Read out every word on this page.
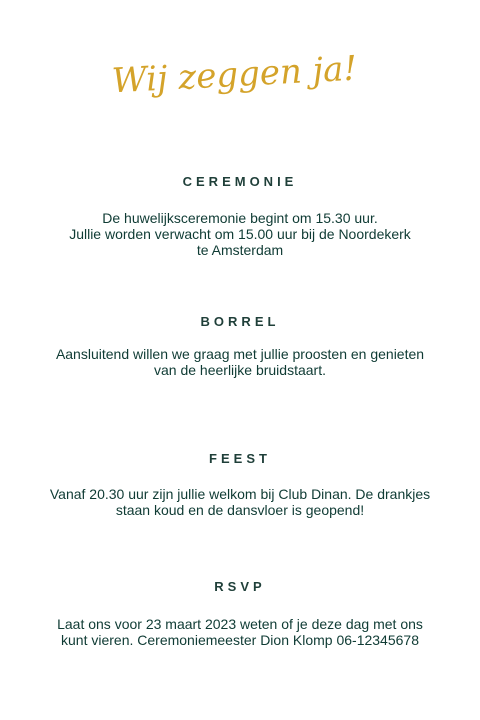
Wij zeggen ja!
CEREMONIE

De huwelijksceremonie begint om 15.30 uur.
Jullie worden verwacht om 15.00 uur bij de Noordekerk
te Amsterdam

BORREL

Aansluitend willen we graag met jullie proosten en genieten
van de heerlijke bruidstaart.

FEEST

Vanaf 20.30 uur zijn jullie welkom bij Club Dinan. De drankjes
staan koud en de dansvloer is geopend!

RSVP

Laat ons voor 23 maart 2023 weten of je deze dag met ons
kunt vieren. Ceremoniemeester Dion Klomp 06-12345678
